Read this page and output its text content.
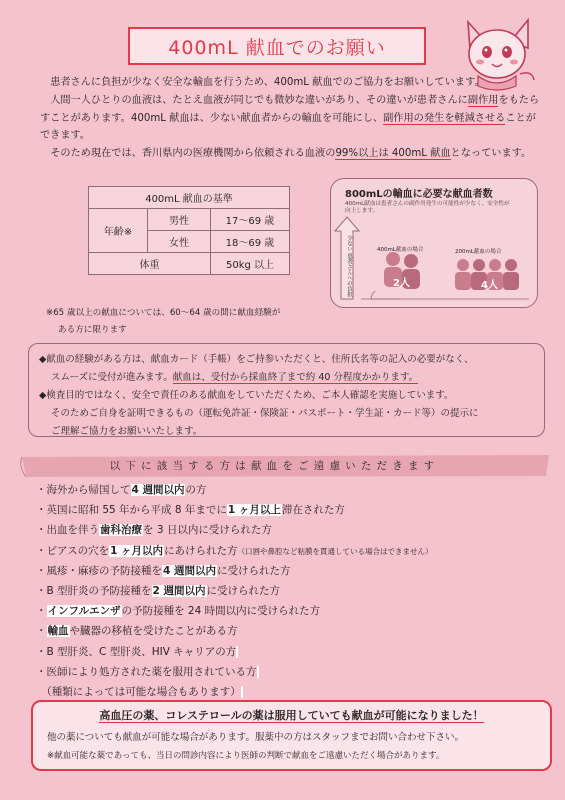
400mL 献血でのお願い

患者さんに負担が少なく安全な輸血を行うため、400mL 献血でのご協力をお願いしています。

人間一人ひとりの血液は、たとえ血液が同じでも微妙な違いがあり、その違いが患者さんに副作用をもたらすことがあります。400mL 献血は、少ない献血者からの輸血を可能にし、副作用の発生を軽減させることができます。

そのため現在では、香川県内の医療機関から依頼される血液の99%以上は 400mL 献血となっています。

400mL 献血の基準		
年齢※	男性	17〜69 歳
	女性	18〜69 歳
体重		50kg 以上
※65 歳以上の献血については、60〜64 歳の間に献血経験が
ある方に限ります
800mLの輸血に必要な献血者数
400mL献血は患者さんの副作用発生の可能性が少なく、安全性が向上します。
少ない 患者さんへの負担	400mL献血の場合
2人
200mL献血の場合
4人

◆献血の経験がある方は、献血カード（手帳）をご持参いただくと、住所氏名等の記入の必要がなく、

スムーズに受付が進みます。献血は、受付から採血終了まで約 40 分程度かかります。

◆検査目的ではなく、安全で責任のある献血をしていただくため、ご本人確認を実施しています。

そのためご自身を証明できるもの（運転免許証・保険証・パスポート・学生証・カード等）の提示に

ご理解ご協力をお願いいたします。

以下に該当する方は献血をご遠慮いただきます
・海外から帰国して4 週間以内の方
・英国に昭和 55 年から平成 8 年までに1 ヶ月以上滞在された方
・出血を伴う歯科治療を 3 日以内に受けられた方
・ピアスの穴を1 ヶ月以内にあけられた方（口唇や鼻腔など粘膜を貫通している場合はできません）
・風疹・麻疹の予防接種を4 週間以内に受けられた方
・B 型肝炎の予防接種を2 週間以内に受けられた方
・インフルエンザの予防接種を 24 時間以内に受けられた方
・輸血や臓器の移植を受けたことがある方
・B 型肝炎、C 型肝炎、HIV キャリアの方
・医師により処方された薬を服用されている方
　（種類によっては可能な場合もあります）
高血圧の薬、コレステロールの薬は服用していても献血が可能になりました！
他の薬についても献血が可能な場合があります。服薬中の方はスタッフまでお問い合わせ下さい。
※献血可能な薬であっても、当日の問診内容により医師の判断で献血をご遠慮いただく場合があります。
